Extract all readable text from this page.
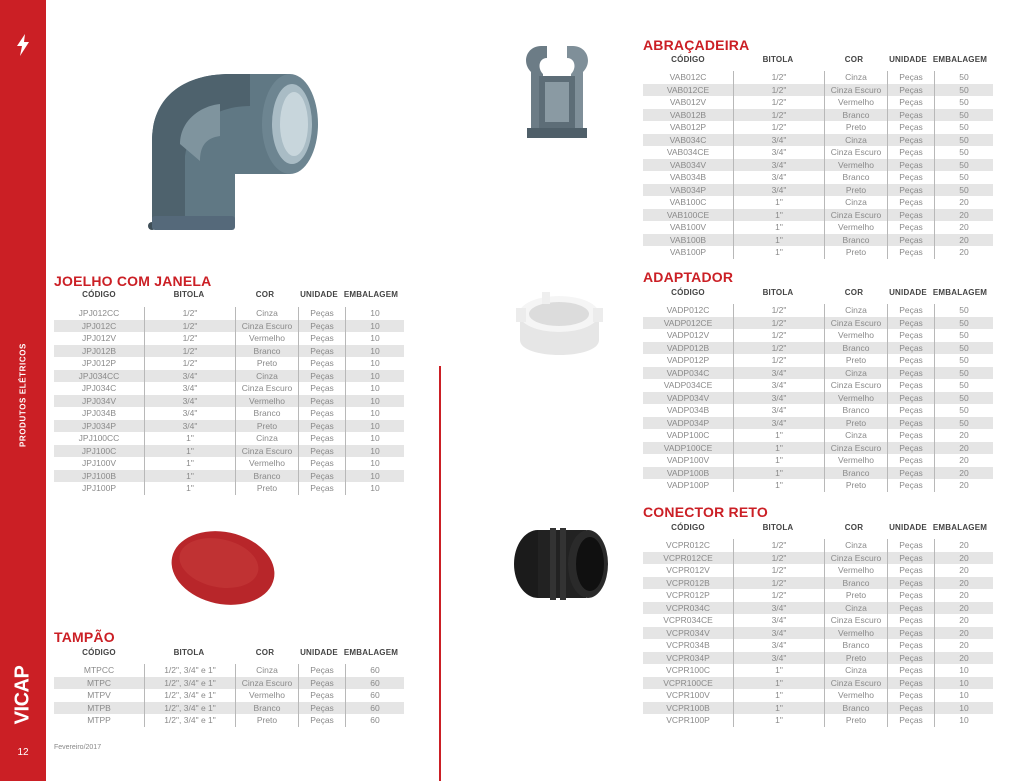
PRODUTOS ELÉTRICOS
VICAP
12	Fevereiro/2017
JOELHO COM JANELA
CÓDIGO	BITOLA	COR	UNIDADE EMBALAGEM
JPJ012CC	1/2"	Cinza	Peças	10
JPJ012C	1/2"	Cinza Escuro	Peças	10
JPJ012V	1/2"	Vermelho	Peças	10
JPJ012B	1/2"	Branco	Peças	10
JPJ012P	1/2"	Preto	Peças	10
JPJ034CC	3/4"	Cinza	Peças	10
JPJ034C	3/4"	Cinza Escuro	Peças	10
JPJ034V	3/4"	Vermelho	Peças	10
JPJ034B	3/4"	Branco	Peças	10
JPJ034P	3/4"	Preto	Peças	10
JPJ100CC	1"	Cinza	Peças	10
JPJ100C	1"	Cinza Escuro	Peças	10
JPJ100V	1"	Vermelho	Peças	10
JPJ100B	1"	Branco	Peças	10
JPJ100P	1"	Preto	Peças	10
TAMPÃO
CÓDIGO	BITOLA	COR	UNIDADE EMBALAGEM
MTPCC	1/2", 3/4" e 1"	Cinza	Peças	60
MTPC	1/2", 3/4" e 1"	Cinza Escuro	Peças	60
MTPV	1/2", 3/4" e 1"	Vermelho	Peças	60
MTPB	1/2", 3/4" e 1"	Branco	Peças	60
MTPP	1/2", 3/4" e 1"	Preto	Peças	60
ABRAÇADEIRA
CÓDIGO	BITOLA	COR	UNIDADE EMBALAGEM
VAB012C	1/2"	Cinza	Peças	50
VAB012CE	1/2"	Cinza Escuro	Peças	50
VAB012V	1/2"	Vermelho	Peças	50
VAB012B	1/2"	Branco	Peças	50
VAB012P	1/2"	Preto	Peças	50
VAB034C	3/4"	Cinza	Peças	50
VAB034CE	3/4"	Cinza Escuro	Peças	50
VAB034V	3/4"	Vermelho	Peças	50
VAB034B	3/4"	Branco	Peças	50
VAB034P	3/4"	Preto	Peças	50
VAB100C	1"	Cinza	Peças	20
VAB100CE	1"	Cinza Escuro	Peças	20
VAB100V	1"	Vermelho	Peças	20
VAB100B	1"	Branco	Peças	20
VAB100P	1"	Preto	Peças	20
ADAPTADOR
CÓDIGO	BITOLA	COR	UNIDADE EMBALAGEM
VADP012C	1/2"	Cinza	Peças	50
VADP012CE	1/2"	Cinza Escuro	Peças	50
VADP012V	1/2"	Vermelho	Peças	50
VADP012B	1/2"	Branco	Peças	50
VADP012P	1/2"	Preto	Peças	50
VADP034C	3/4"	Cinza	Peças	50
VADP034CE	3/4"	Cinza Escuro	Peças	50
VADP034V	3/4"	Vermelho	Peças	50
VADP034B	3/4"	Branco	Peças	50
VADP034P	3/4"	Preto	Peças	50
VADP100C	1"	Cinza	Peças	20
VADP100CE	1"	Cinza Escuro	Peças	20
VADP100V	1"	Vermelho	Peças	20
VADP100B	1"	Branco	Peças	20
VADP100P	1"	Preto	Peças	20
CONECTOR RETO
CÓDIGO	BITOLA	COR	UNIDADE EMBALAGEM
VCPR012C	1/2"	Cinza	Peças	20
VCPR012CE	1/2"	Cinza Escuro	Peças	20
VCPR012V	1/2"	Vermelho	Peças	20
VCPR012B	1/2"	Branco	Peças	20
VCPR012P	1/2"	Preto	Peças	20
VCPR034C	3/4"	Cinza	Peças	20
VCPR034CE	3/4"	Cinza Escuro	Peças	20
VCPR034V	3/4"	Vermelho	Peças	20
VCPR034B	3/4"	Branco	Peças	20
VCPR034P	3/4"	Preto	Peças	20
VCPR100C	1"	Cinza	Peças	10
VCPR100CE	1"	Cinza Escuro	Peças	10
VCPR100V	1"	Vermelho	Peças	10
VCPR100B	1"	Branco	Peças	10
VCPR100P	1"	Preto	Peças	10
